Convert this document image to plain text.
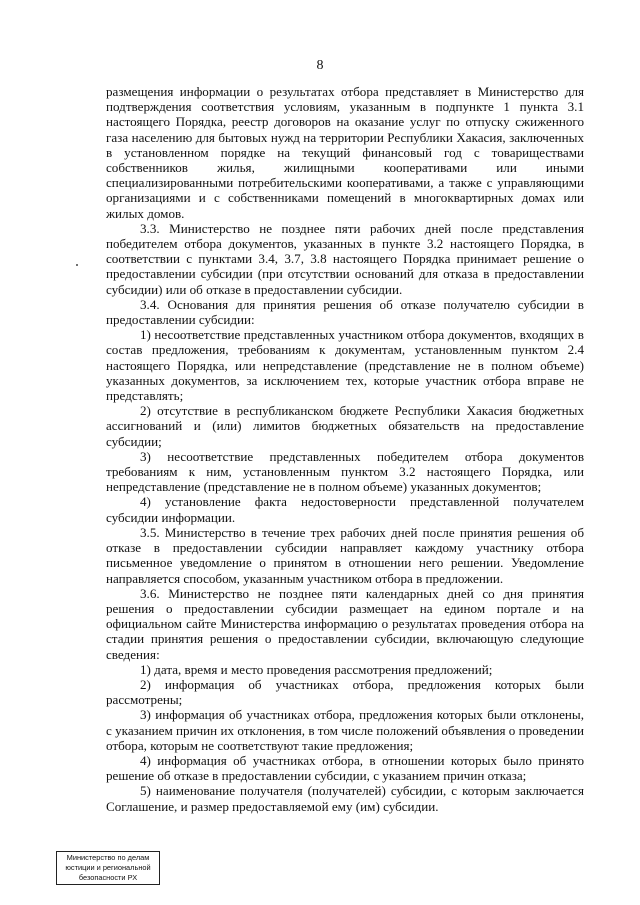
8

размещения информации о результатах отбора представляет в Министерство для подтверждения соответствия условиям, указанным в подпункте 1 пункта 3.1 настоящего Порядка, реестр договоров на оказание услуг по отпуску сжиженного газа населению для бытовых нужд на территории Республики Хакасия, заключенных в установленном порядке на текущий финансовый год с товариществами собственников жилья, жилищными кооперативами или иными специализированными потребительскими кооперативами, а также с управляющими организациями и с собственниками помещений в многоквартирных домах или жилых домов.

3.3. Министерство не позднее пяти рабочих дней после представления победителем отбора документов, указанных в пункте 3.2 настоящего Порядка, в соответствии с пунктами 3.4, 3.7, 3.8 настоящего Порядка принимает решение о предоставлении субсидии (при отсутствии оснований для отказа в предоставлении субсидии) или об отказе в предоставлении субсидии.

3.4. Основания для принятия решения об отказе получателю субсидии в предоставлении субсидии:

1) несоответствие представленных участником отбора документов, входящих в состав предложения, требованиям к документам, установленным пунктом 2.4 настоящего Порядка, или непредставление (представление не в полном объеме) указанных документов, за исключением тех, которые участник отбора вправе не представлять;

2) отсутствие в республиканском бюджете Республики Хакасия бюджетных ассигнований и (или) лимитов бюджетных обязательств на предоставление субсидии;

3) несоответствие представленных победителем отбора документов требованиям к ним, установленным пунктом 3.2 настоящего Порядка, или непредставление (представление не в полном объеме) указанных документов;

4) установление факта недостоверности представленной получателем субсидии информации.

3.5. Министерство в течение трех рабочих дней после принятия решения об отказе в предоставлении субсидии направляет каждому участнику отбора письменное уведомление о принятом в отношении него решении. Уведомление направляется способом, указанным участником отбора в предложении.

3.6. Министерство не позднее пяти календарных дней со дня принятия решения о предоставлении субсидии размещает на едином портале и на официальном сайте Министерства информацию о результатах проведения отбора на стадии принятия решения о предоставлении субсидии, включающую следующие сведения:

1) дата, время и место проведения рассмотрения предложений;

2) информация об участниках отбора, предложения которых были рассмотрены;

3) информация об участниках отбора, предложения которых были отклонены, с указанием причин их отклонения, в том числе положений объявления о проведении отбора, которым не соответствуют такие предложения;

4) информация об участниках отбора, в отношении которых было принято решение об отказе в предоставлении субсидии, с указанием причин отказа;

5) наименование получателя (получателей) субсидии, с которым заключается Соглашение, и размер предоставляемой ему (им) субсидии.

Министерство по делам
юстиции и региональной
безопасности РХ
